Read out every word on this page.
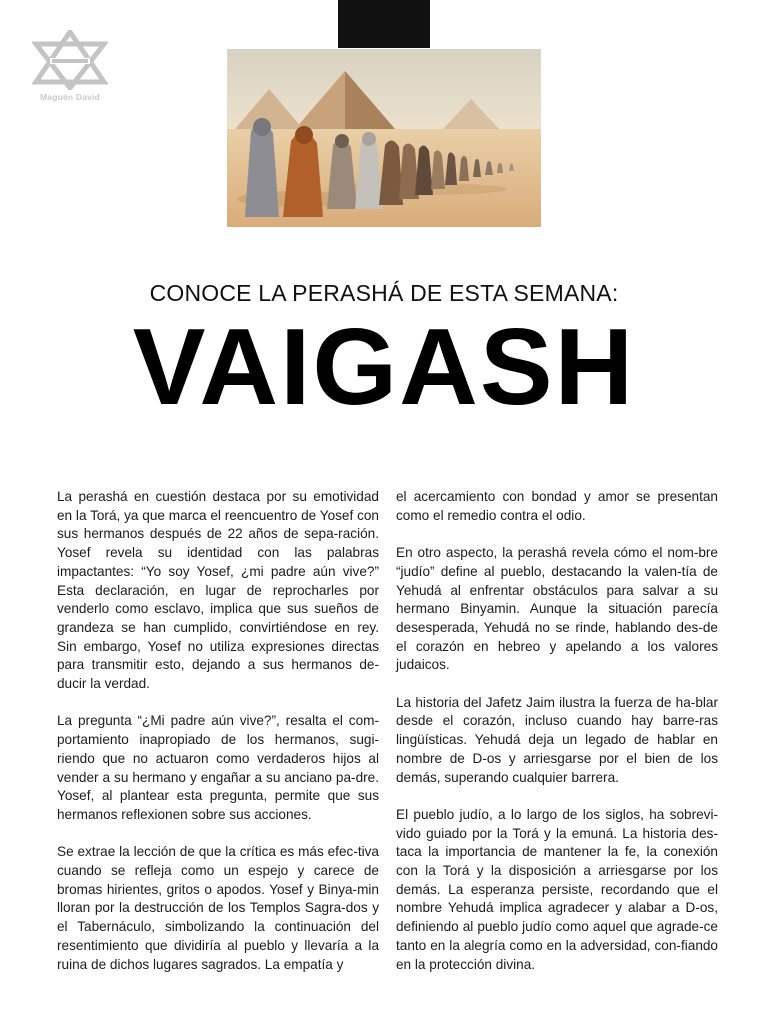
Maguén David
CONOCE LA PERASHÁ DE ESTA SEMANA:
VAIGASH

La perashá en cuestión destaca por su emotividad en la Torá, ya que marca el reencuentro de Yosef con sus hermanos después de 22 años de sepa-ración. Yosef revela su identidad con las palabras impactantes: “Yo soy Yosef, ¿mi padre aún vive?” Esta declaración, en lugar de reprocharles por venderlo como esclavo, implica que sus sueños de grandeza se han cumplido, convirtiéndose en rey. Sin embargo, Yosef no utiliza expresiones directas para transmitir esto, dejando a sus hermanos de-ducir la verdad.

La pregunta “¿Mi padre aún vive?”, resalta el com-portamiento inapropiado de los hermanos, sugi-riendo que no actuaron como verdaderos hijos al vender a su hermano y engañar a su anciano pa-dre. Yosef, al plantear esta pregunta, permite que sus hermanos reflexionen sobre sus acciones.

Se extrae la lección de que la crítica es más efec-tiva cuando se refleja como un espejo y carece de bromas hirientes, gritos o apodos. Yosef y Binya-min lloran por la destrucción de los Templos Sagra-dos y el Tabernáculo, simbolizando la continuación del resentimiento que dividiría al pueblo y llevaría a la ruina de dichos lugares sagrados. La empatía y

el acercamiento con bondad y amor se presentan como el remedio contra el odio.

En otro aspecto, la perashá revela cómo el nom-bre “judío” define al pueblo, destacando la valen-tía de Yehudá al enfrentar obstáculos para salvar a su hermano Binyamin. Aunque la situación parecía desesperada, Yehudá no se rinde, hablando des-de el corazón en hebreo y apelando a los valores judaicos.

La historia del Jafetz Jaim ilustra la fuerza de ha-blar desde el corazón, incluso cuando hay barre-ras lingüísticas. Yehudá deja un legado de hablar en nombre de D-os y arriesgarse por el bien de los demás, superando cualquier barrera.

El pueblo judío, a lo largo de los siglos, ha sobrevi-vido guiado por la Torá y la emuná. La historia des-taca la importancia de mantener la fe, la conexión con la Torá y la disposición a arriesgarse por los demás. La esperanza persiste, recordando que el nombre Yehudá implica agradecer y alabar a D-os, definiendo al pueblo judío como aquel que agrade-ce tanto en la alegría como en la adversidad, con-fiando en la protección divina.
